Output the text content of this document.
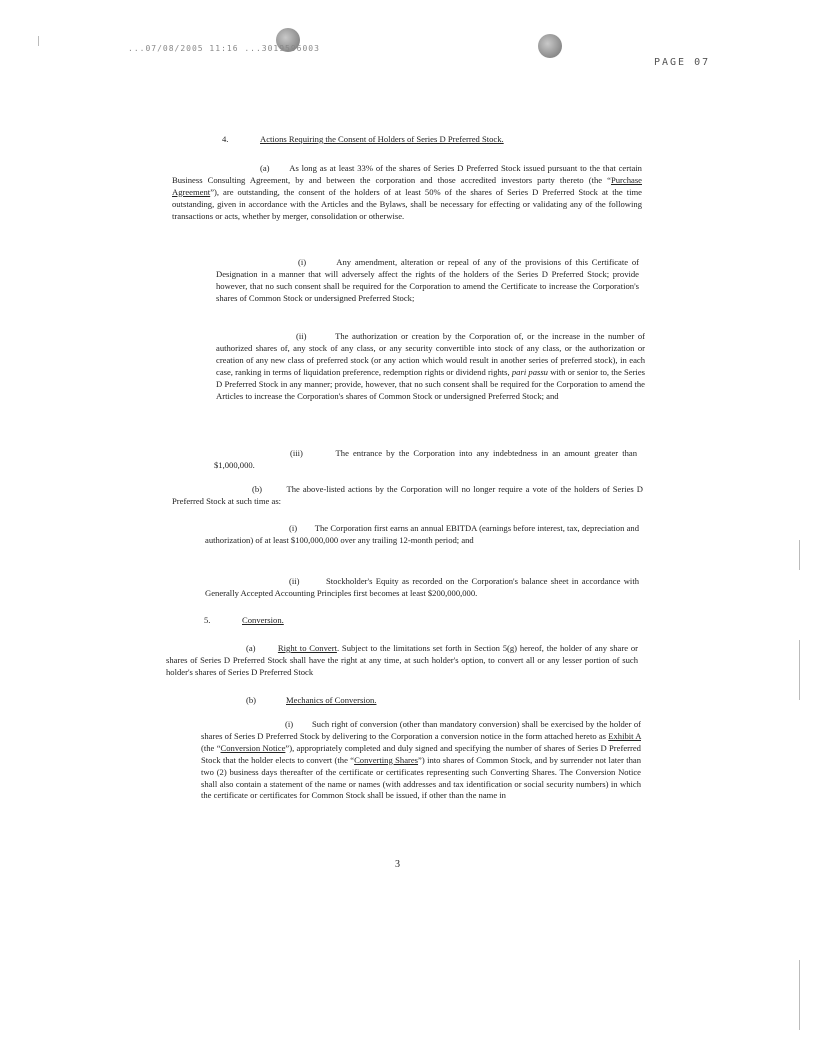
...07/08/2005 11:16 ...3019596003
PAGE 07
4.	Actions Requiring the Consent of Holders of Series D Preferred Stock.
(a) As long as at least 33% of the shares of Series D Preferred Stock issued pursuant to the that certain Business Consulting Agreement, by and between the corporation and those accredited investors party thereto (the “Purchase Agreement”), are outstanding, the consent of the holders of at least 50% of the shares of Series D Preferred Stock at the time outstanding, given in accordance with the Articles and the Bylaws, shall be necessary for effecting or validating any of the following transactions or acts, whether by merger, consolidation or otherwise.
(i)	Any amendment, alteration or repeal of any of the provisions of this Certificate of Designation in a manner that will adversely affect the rights of the holders of the Series D Preferred Stock; provide however, that no such consent shall be required for the Corporation to amend the Certificate to increase the Corporation's shares of Common Stock or undersigned Preferred Stock;
(ii)	The authorization or creation by the Corporation of, or the increase in the number of authorized shares of, any stock of any class, or any security convertible into stock of any class, or the authorization or creation of any new class of preferred stock (or any action which would result in another series of preferred stock), in each case, ranking in terms of liquidation preference, redemption rights or dividend rights, pari passu with or senior to, the Series D Preferred Stock in any manner; provide, however, that no such consent shall be required for the Corporation to amend the Articles to increase the Corporation's shares of Common Stock or undersigned Preferred Stock; and
(iii)	The entrance by the Corporation into any indebtedness in an amount greater than $1,000,000.
(b)	The above-listed actions by the Corporation will no longer require a vote of the holders of Series D Preferred Stock at such time as:
(i) The Corporation first earns an annual EBITDA (earnings before interest, tax, depreciation and authorization) of at least $100,000,000 over any trailing 12-month period; and
(ii)	Stockholder's Equity as recorded on the Corporation's balance sheet in accordance with Generally Accepted Accounting Principles first becomes at least $200,000,000.
5.	Conversion.
(a)	Right to Convert. Subject to the limitations set forth in Section 5(g) hereof, the holder of any share or shares of Series D Preferred Stock shall have the right at any time, at such holder's option, to convert all or any lesser portion of such holder's shares of Series D Preferred Stock
(b)	Mechanics of Conversion.
(i) Such right of conversion (other than mandatory conversion) shall be exercised by the holder of shares of Series D Preferred Stock by delivering to the Corporation a conversion notice in the form attached hereto as Exhibit A (the “Conversion Notice”), appropriately completed and duly signed and specifying the number of shares of Series D Preferred Stock that the holder elects to convert (the “Converting Shares”) into shares of Common Stock, and by surrender not later than two (2) business days thereafter of the certificate or certificates representing such Converting Shares. The Conversion Notice shall also contain a statement of the name or names (with addresses and tax identification or social security numbers) in which the certificate or certificates for Common Stock shall be issued, if other than the name in
3
